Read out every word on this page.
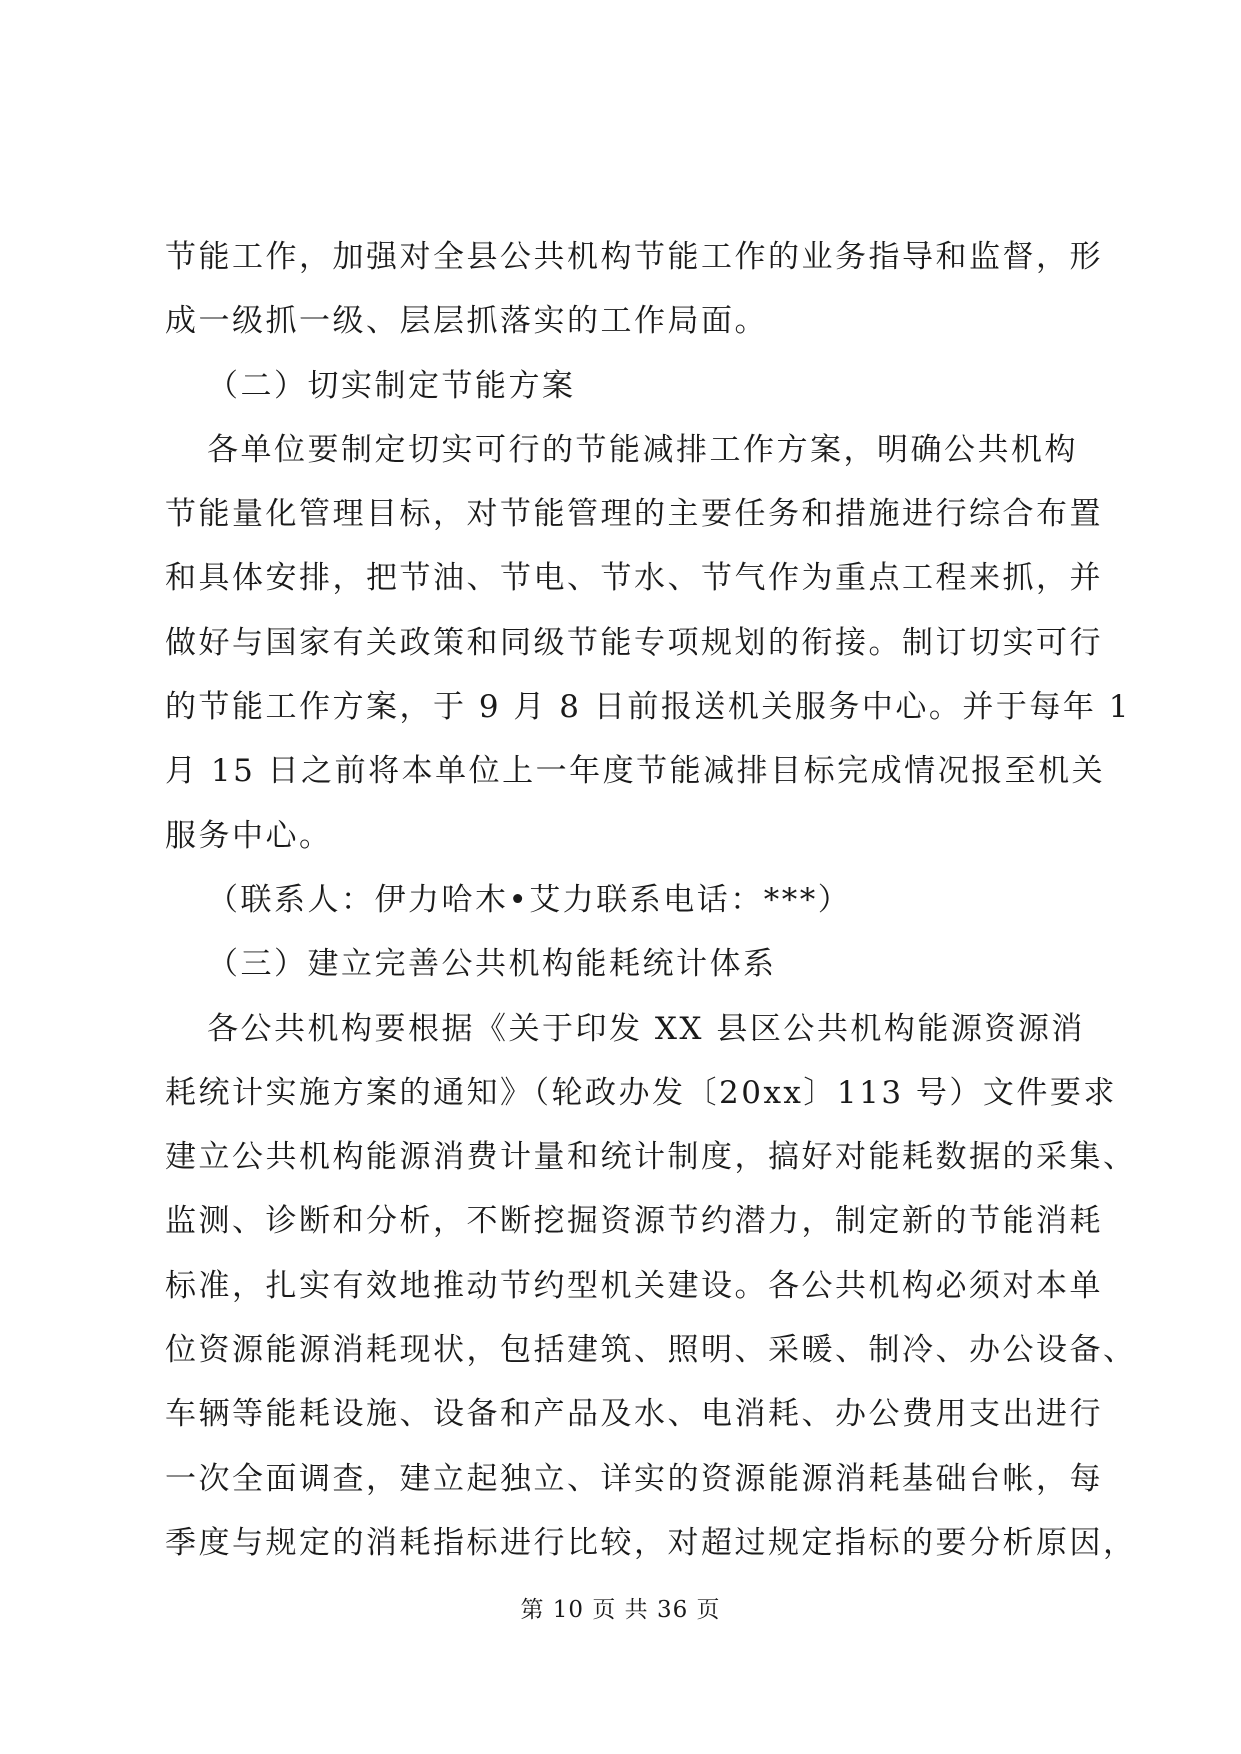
节能工作，加强对全县公共机构节能工作的业务指导和监督，形
成一级抓一级、层层抓落实的工作局面。
（二）切实制定节能方案
各单位要制定切实可行的节能减排工作方案，明确公共机构
节能量化管理目标，对节能管理的主要任务和措施进行综合布置
和具体安排，把节油、节电、节水、节气作为重点工程来抓，并
做好与国家有关政策和同级节能专项规划的衔接。制订切实可行
的节能工作方案，于 9 月 8 日前报送机关服务中心。并于每年 1
月 15 日之前将本单位上一年度节能减排目标完成情况报至机关
服务中心。
（联系人：伊力哈木•艾力联系电话：***）
（三）建立完善公共机构能耗统计体系
各公共机构要根据《关于印发 XX 县区公共机构能源资源消
耗统计实施方案的通知》（轮政办发〔20xx〕113 号）文件要求
建立公共机构能源消费计量和统计制度，搞好对能耗数据的采集、
监测、诊断和分析，不断挖掘资源节约潜力，制定新的节能消耗
标准，扎实有效地推动节约型机关建设。各公共机构必须对本单
位资源能源消耗现状，包括建筑、照明、采暖、制冷、办公设备、
车辆等能耗设施、设备和产品及水、电消耗、办公费用支出进行
一次全面调查，建立起独立、详实的资源能源消耗基础台帐，每
季度与规定的消耗指标进行比较，对超过规定指标的要分析原因，
第 10 页 共 36 页
